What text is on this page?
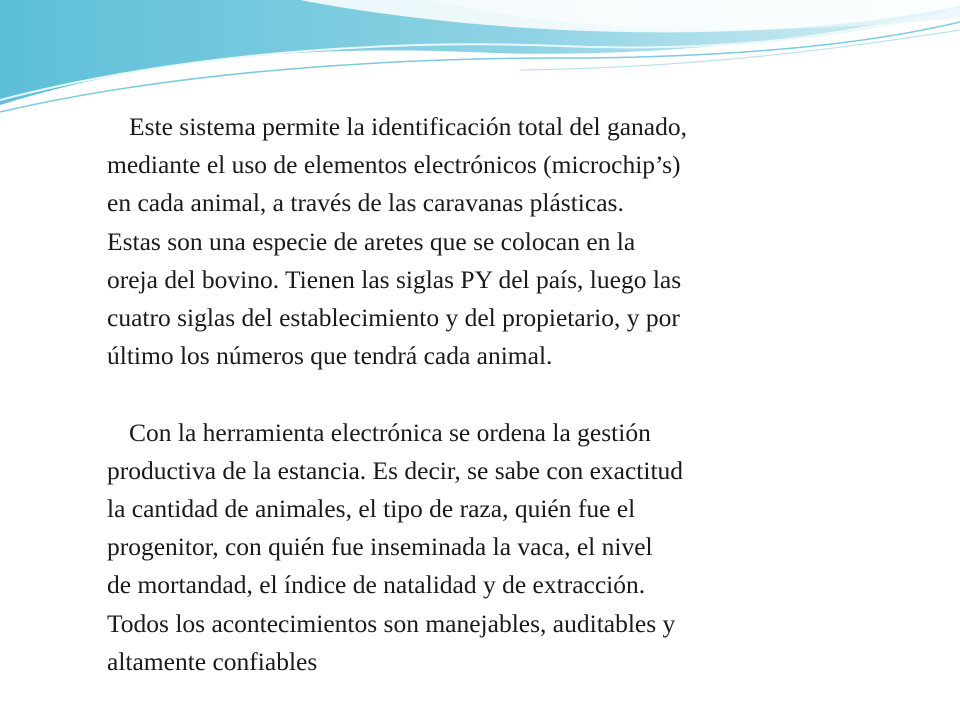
Este sistema permite la identificación total del ganado,
mediante el uso de elementos electrónicos (microchip’s)
en cada animal, a través de las caravanas plásticas.
Estas son una especie de aretes que se colocan en la
oreja del bovino. Tienen las siglas PY del país, luego las
cuatro siglas del establecimiento y del propietario, y por
último los números que tendrá cada animal.
Con la herramienta electrónica se ordena la gestión
productiva de la estancia. Es decir, se sabe con exactitud
la cantidad de animales, el tipo de raza, quién fue el
progenitor, con quién fue inseminada la vaca, el nivel
de mortandad, el índice de natalidad y de extracción.
Todos los acontecimientos son manejables, auditables y
altamente confiables
